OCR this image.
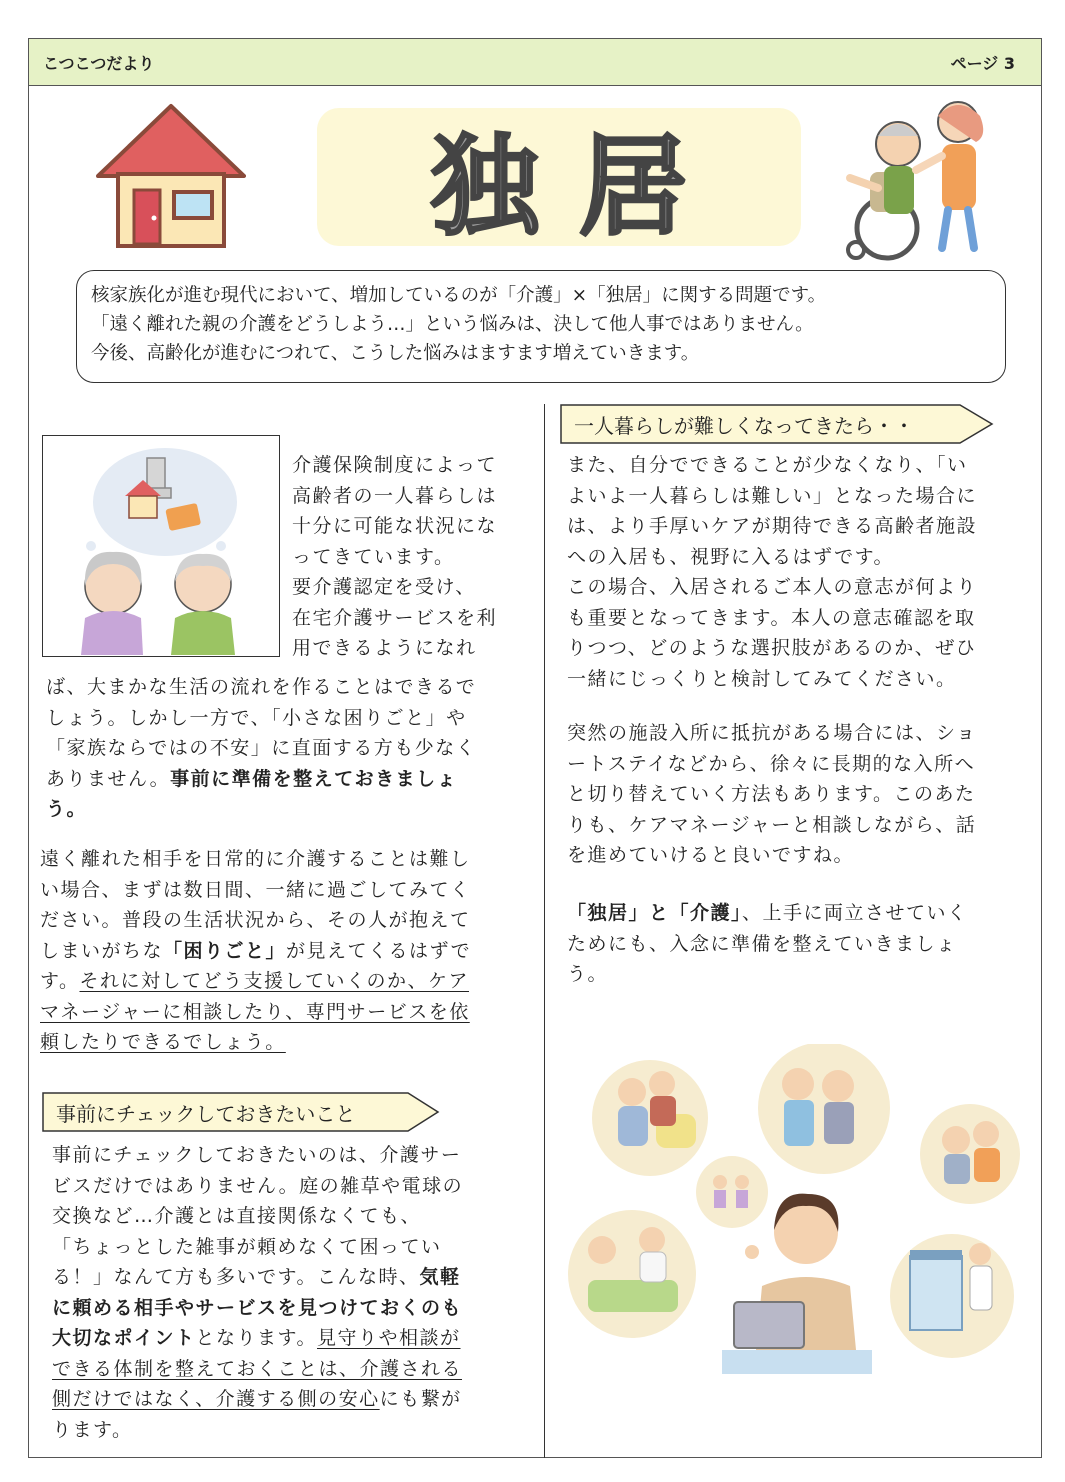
こつこつだより	ページ 3
独居

核家族化が進む現代において、増加しているのが「介護」×「独居」に関する問題です。

「遠く離れた親の介護をどうしよう…」という悩みは、決して他人事ではありません。

今後、高齢化が進むにつれて、こうした悩みはますます増えていきます。

介護保険制度によって
高齢者の一人暮らしは
十分に可能な状況にな
ってきています。
要介護認定を受け、
在宅介護サービスを利
用できるようになれ
ば、大まかな生活の流れを作ることはできるで
しょう。しかし一方で、「小さな困りごと」や
「家族ならではの不安」に直面する方も少なく
ありません。事前に準備を整えておきましょ
う。
遠く離れた相手を日常的に介護することは難し
い場合、まずは数日間、一緒に過ごしてみてく
ださい。普段の生活状況から、その人が抱えて
しまいがちな「困りごと」が見えてくるはずで
す。それに対してどう支援していくのか、ケア
マネージャーに相談したり、専門サービスを依
頼したりできるでしょう。
事前にチェックしておきたいこと
事前にチェックしておきたいのは、介護サー
ビスだけではありません。庭の雑草や電球の
交換など…介護とは直接関係なくても、
「ちょっとした雑事が頼めなくて困ってい
る！」なんて方も多いです。こんな時、気軽
に頼める相手やサービスを見つけておくのも
大切なポイントとなります。見守りや相談が
できる体制を整えておくことは、介護される
側だけではなく、介護する側の安心にも繋が
ります。
一人暮らしが難しくなってきたら・・
また、自分でできることが少なくなり、「い
よいよ一人暮らしは難しい」となった場合に
は、より手厚いケアが期待できる高齢者施設
への入居も、視野に入るはずです。
この場合、入居されるご本人の意志が何より
も重要となってきます。本人の意志確認を取
りつつ、どのような選択肢があるのか、ぜひ
一緒にじっくりと検討してみてください。
突然の施設入所に抵抗がある場合には、ショ
ートステイなどから、徐々に長期的な入所へ
と切り替えていく方法もあります。このあた
りも、ケアマネージャーと相談しながら、話
を進めていけると良いですね。
「独居」と「介護」、上手に両立させていく
ためにも、入念に準備を整えていきましょ
う。
